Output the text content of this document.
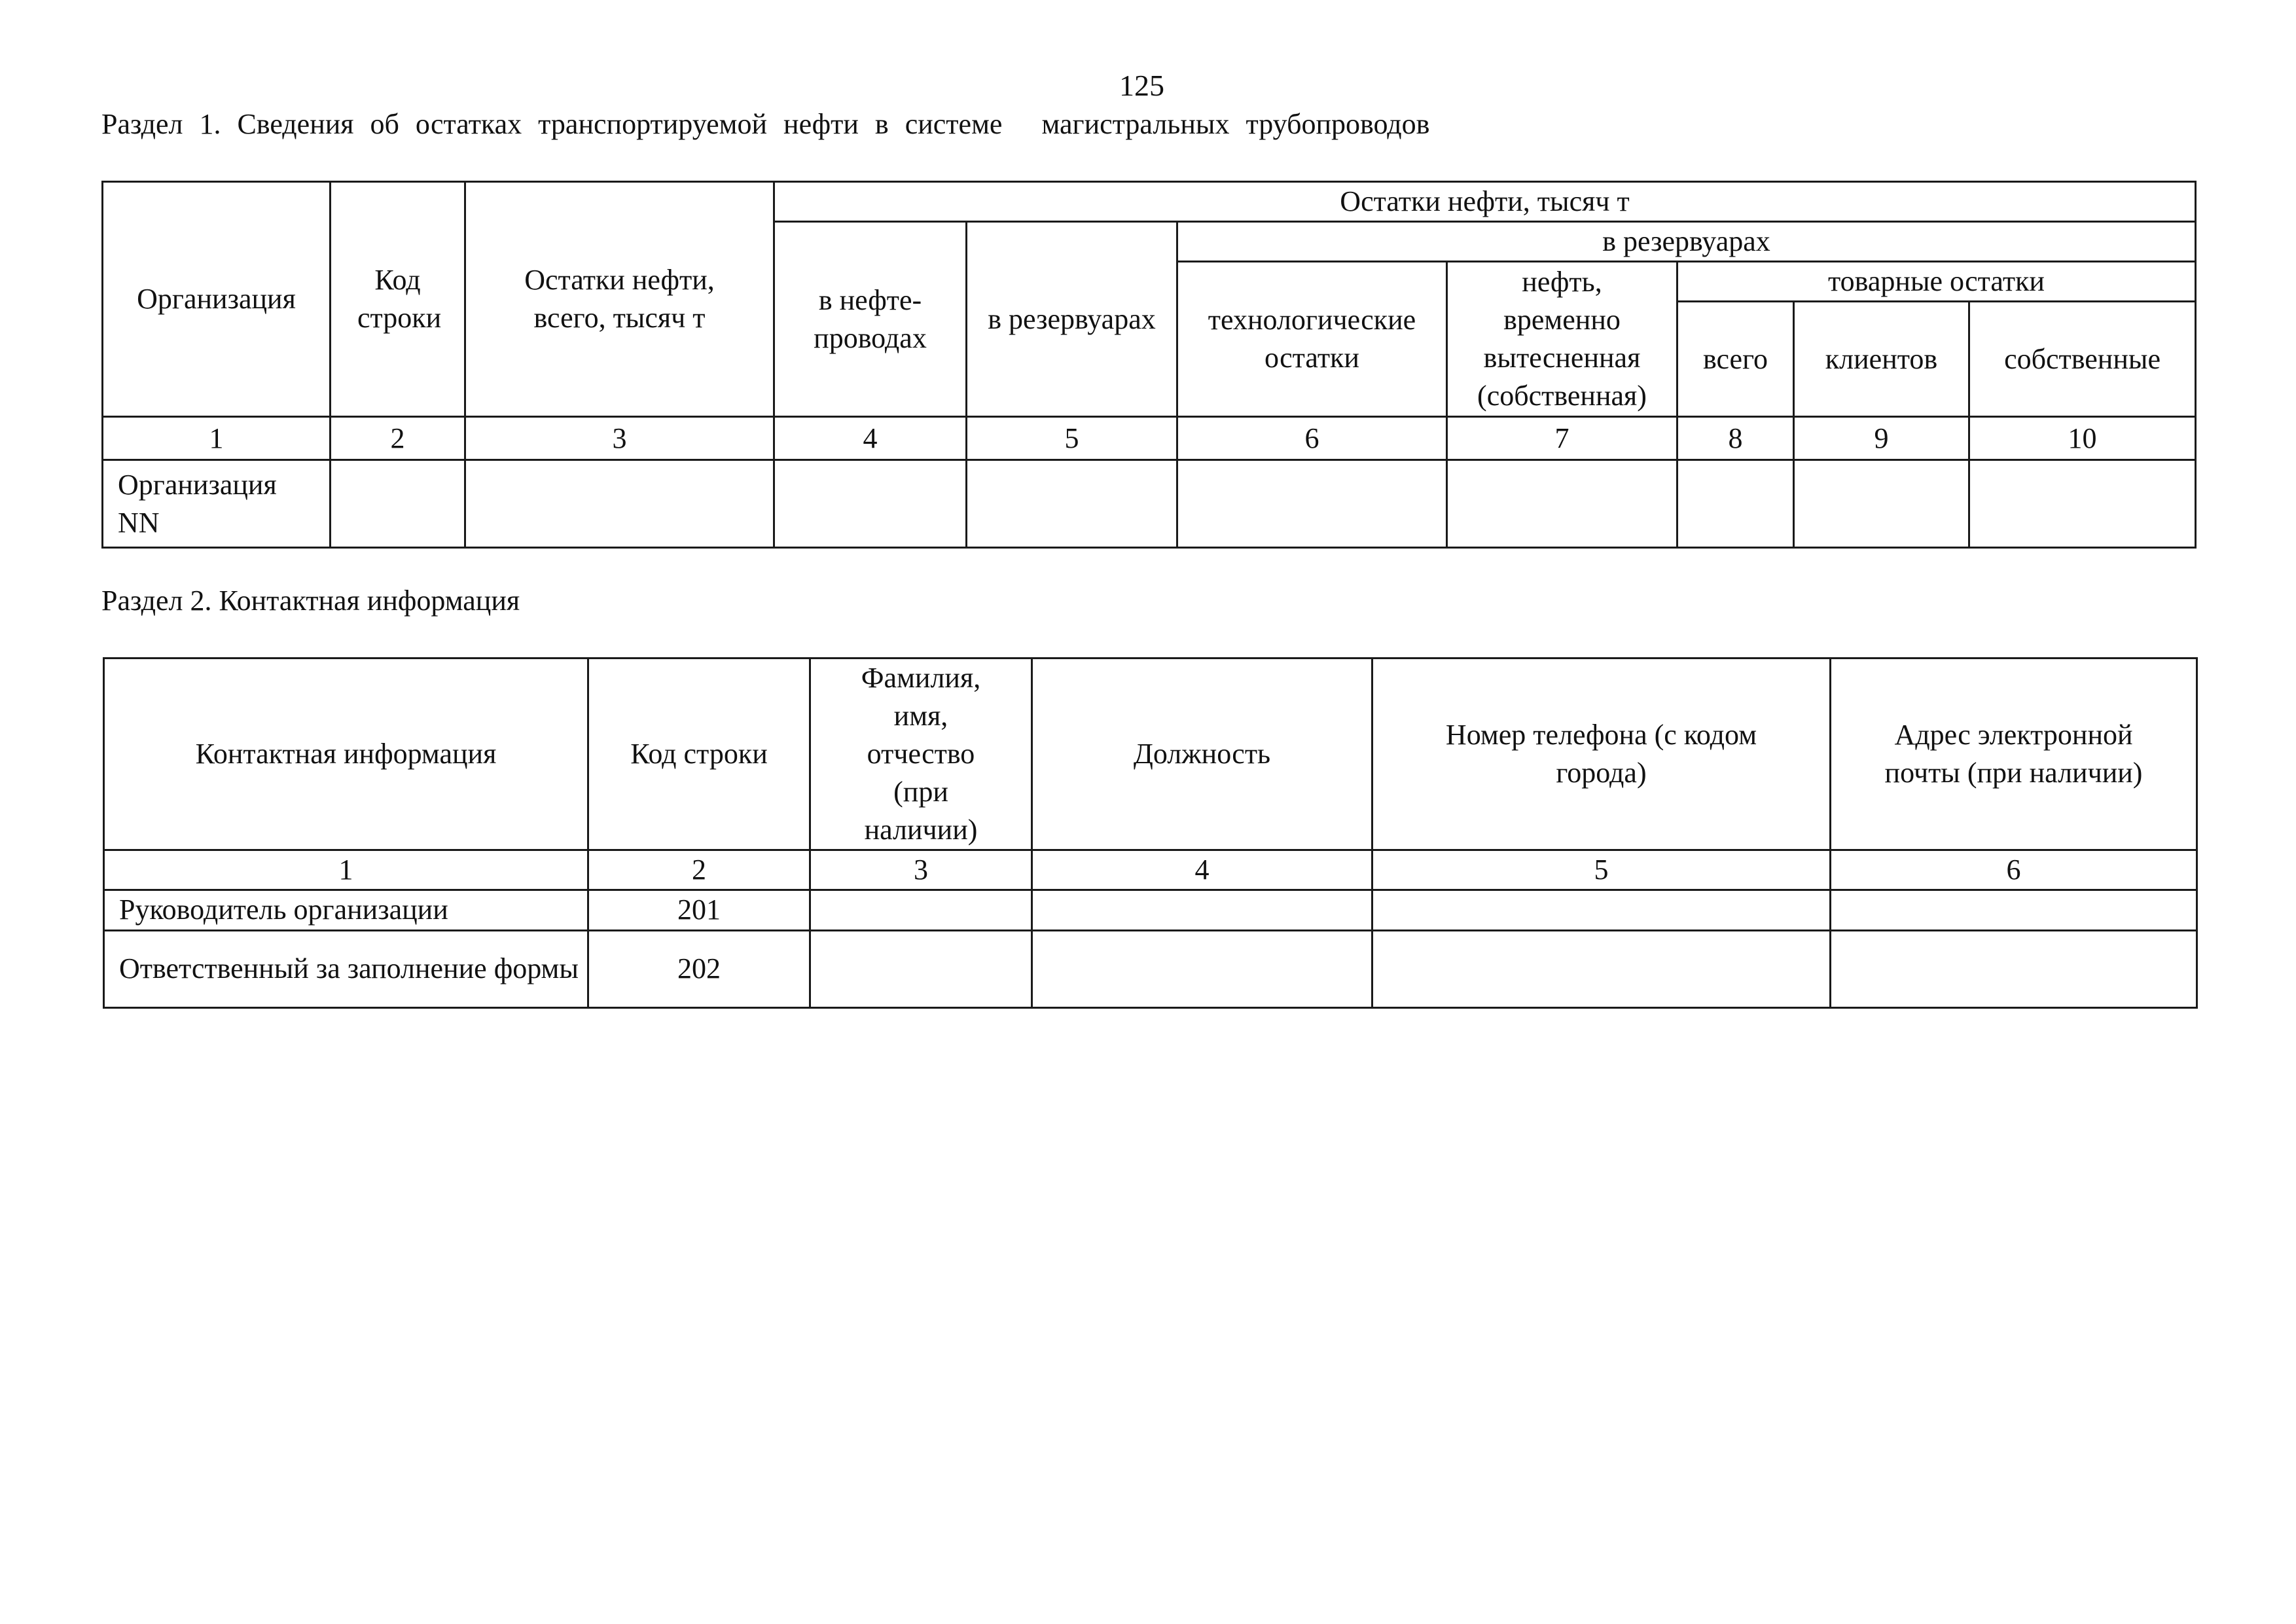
125
Раздел 1. Сведения об остатках транспортируемой нефти в системе магистральных трубопроводов
Организация	Код строки	Остатки нефти, всего, тысяч т	Остатки нефти, тысяч т						
			в нефте-проводах	в резервуарах	в резервуарах				
					технологические остатки	нефть, временно вытесненная (собственная)	товарные остатки		
							всего	клиентов	собственные
1	2	3	4	5	6	7	8	9	10
Организация NN									
Раздел 2. Контактная информация
Контактная информация	Код строки	Фамилия, имя, отчество (при наличии)	Должность	Номер телефона (с кодом города)	Адрес электронной почты (при наличии)
1	2	3	4	5	6
Руководитель организации	201				
Ответственный за заполнение формы	202				
